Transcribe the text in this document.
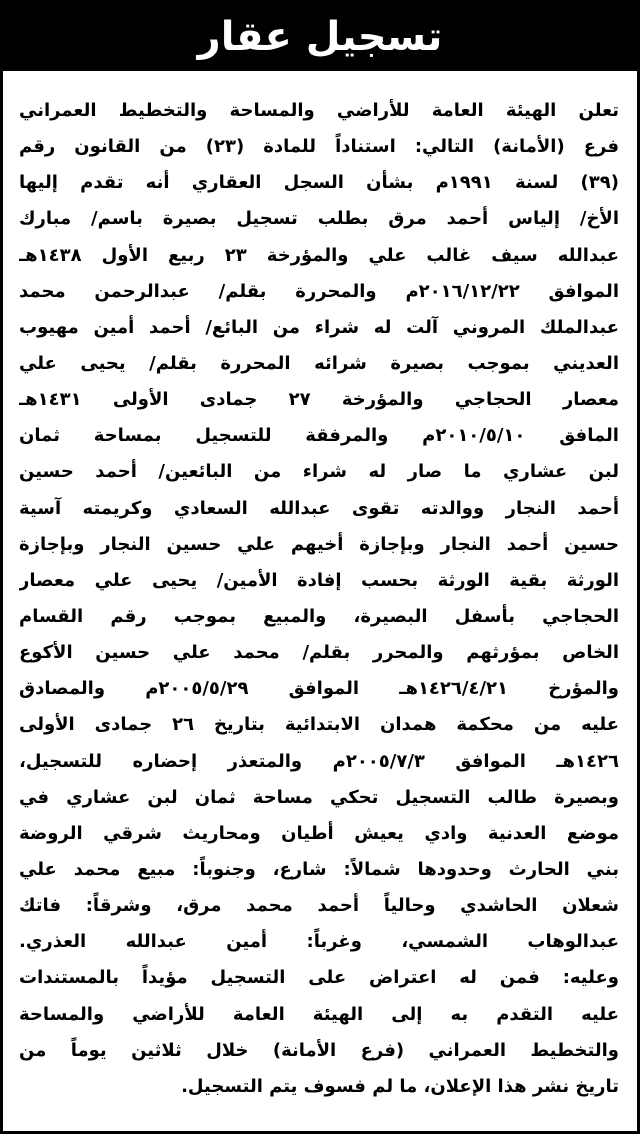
تسجيل عقار
تعلن الهيئة العامة للأراضي والمساحة والتخطيط العمراني
فرع (الأمانة) التالي: استناداً للمادة (٢٣) من القانون رقم
(٣٩) لسنة ١٩٩١م بشأن السجل العقاري أنه تقدم إليها
الأخ/ إلياس أحمد مرق بطلب تسجيل بصيرة باسم/ مبارك
عبدالله سيف غالب علي والمؤرخة ٢٣ ربيع الأول ١٤٣٨هـ
الموافق ٢٠١٦/١٢/٢٢م والمحررة بقلم/ عبدالرحمن محمد
عبدالملك المروني آلت له شراء من البائع/ أحمد أمين مهيوب
العديني بموجب بصيرة شرائه المحررة بقلم/ يحيى علي
معصار الحجاجي والمؤرخة ٢٧ جمادى الأولى ١٤٣١هـ
المافق ٢٠١٠/٥/١٠م والمرفقة للتسجيل بمساحة ثمان
لبن عشاري ما صار له شراء من البائعين/ أحمد حسين
أحمد النجار ووالدته تقوى عبدالله السعادي وكريمته آسية
حسين أحمد النجار وبإجازة أخيهم علي حسين النجار وبإجازة
الورثة بقية الورثة بحسب إفادة الأمين/ يحيى علي معصار
الحجاجي بأسفل البصيرة، والمبيع بموجب رقم القسام
الخاص بمؤرثهم والمحرر بقلم/ محمد علي حسين الأكوع
والمؤرخ ١٤٢٦/٤/٢١هـ الموافق ٢٠٠٥/٥/٢٩م والمصادق
عليه من محكمة همدان الابتدائية بتاريخ ٢٦ جمادى الأولى
١٤٢٦هـ الموافق ٢٠٠٥/٧/٣م والمتعذر إحضاره للتسجيل،
وبصيرة طالب التسجيل تحكي مساحة ثمان لبن عشاري في
موضع العدنية وادي يعيش أطيان ومحاريث شرقي الروضة
بني الحارث وحدودها شمالاً: شارع، وجنوباً: مبيع محمد علي
شعلان الحاشدي وحالياً أحمد محمد مرق، وشرقاً: فاتك
عبدالوهاب الشمسي، وغرباً: أمين عبدالله العذري.
وعليه: فمن له اعتراض على التسجيل مؤيداً بالمستندات
عليه التقدم به إلى الهيئة العامة للأراضي والمساحة
والتخطيط العمراني (فرع الأمانة) خلال ثلاثين يوماً من
تاريخ نشر هذا الإعلان، ما لم فسوف يتم التسجيل.
